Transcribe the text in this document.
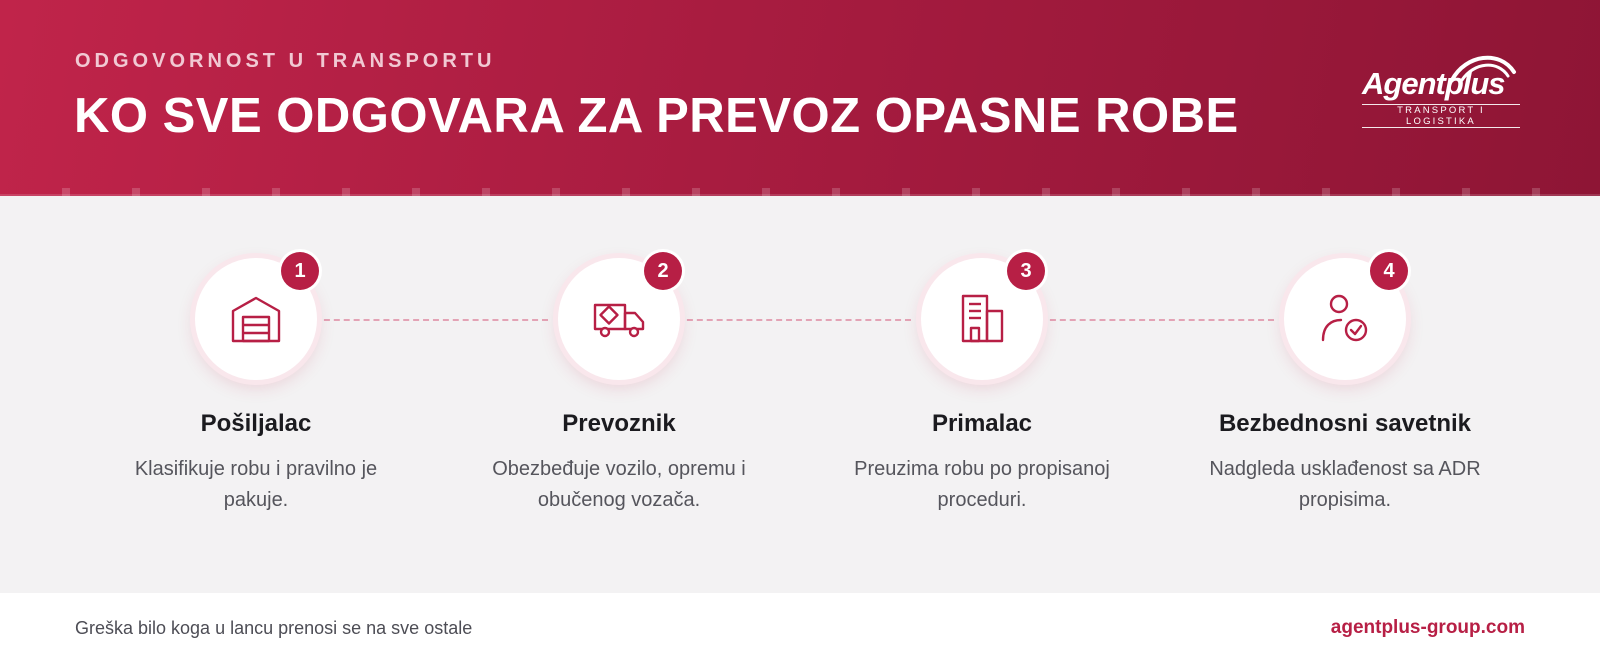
ODGOVORNOST U TRANSPORTU
KO SVE ODGOVARA ZA PREVOZ OPASNE ROBE
Agentplus
TRANSPORT I LOGISTIKA
1
Pošiljalac
Klasifikuje robu i pravilno je pakuje.
2
Prevoznik
Obezbeđuje vozilo, opremu i obučenog vozača.
3
Primalac
Preuzima robu po propisanoj proceduri.
4
Bezbednosni savetnik
Nadgleda usklađenost sa ADR propisima.
Greška bilo koga u lancu prenosi se na sve ostale	agentplus-group.com
